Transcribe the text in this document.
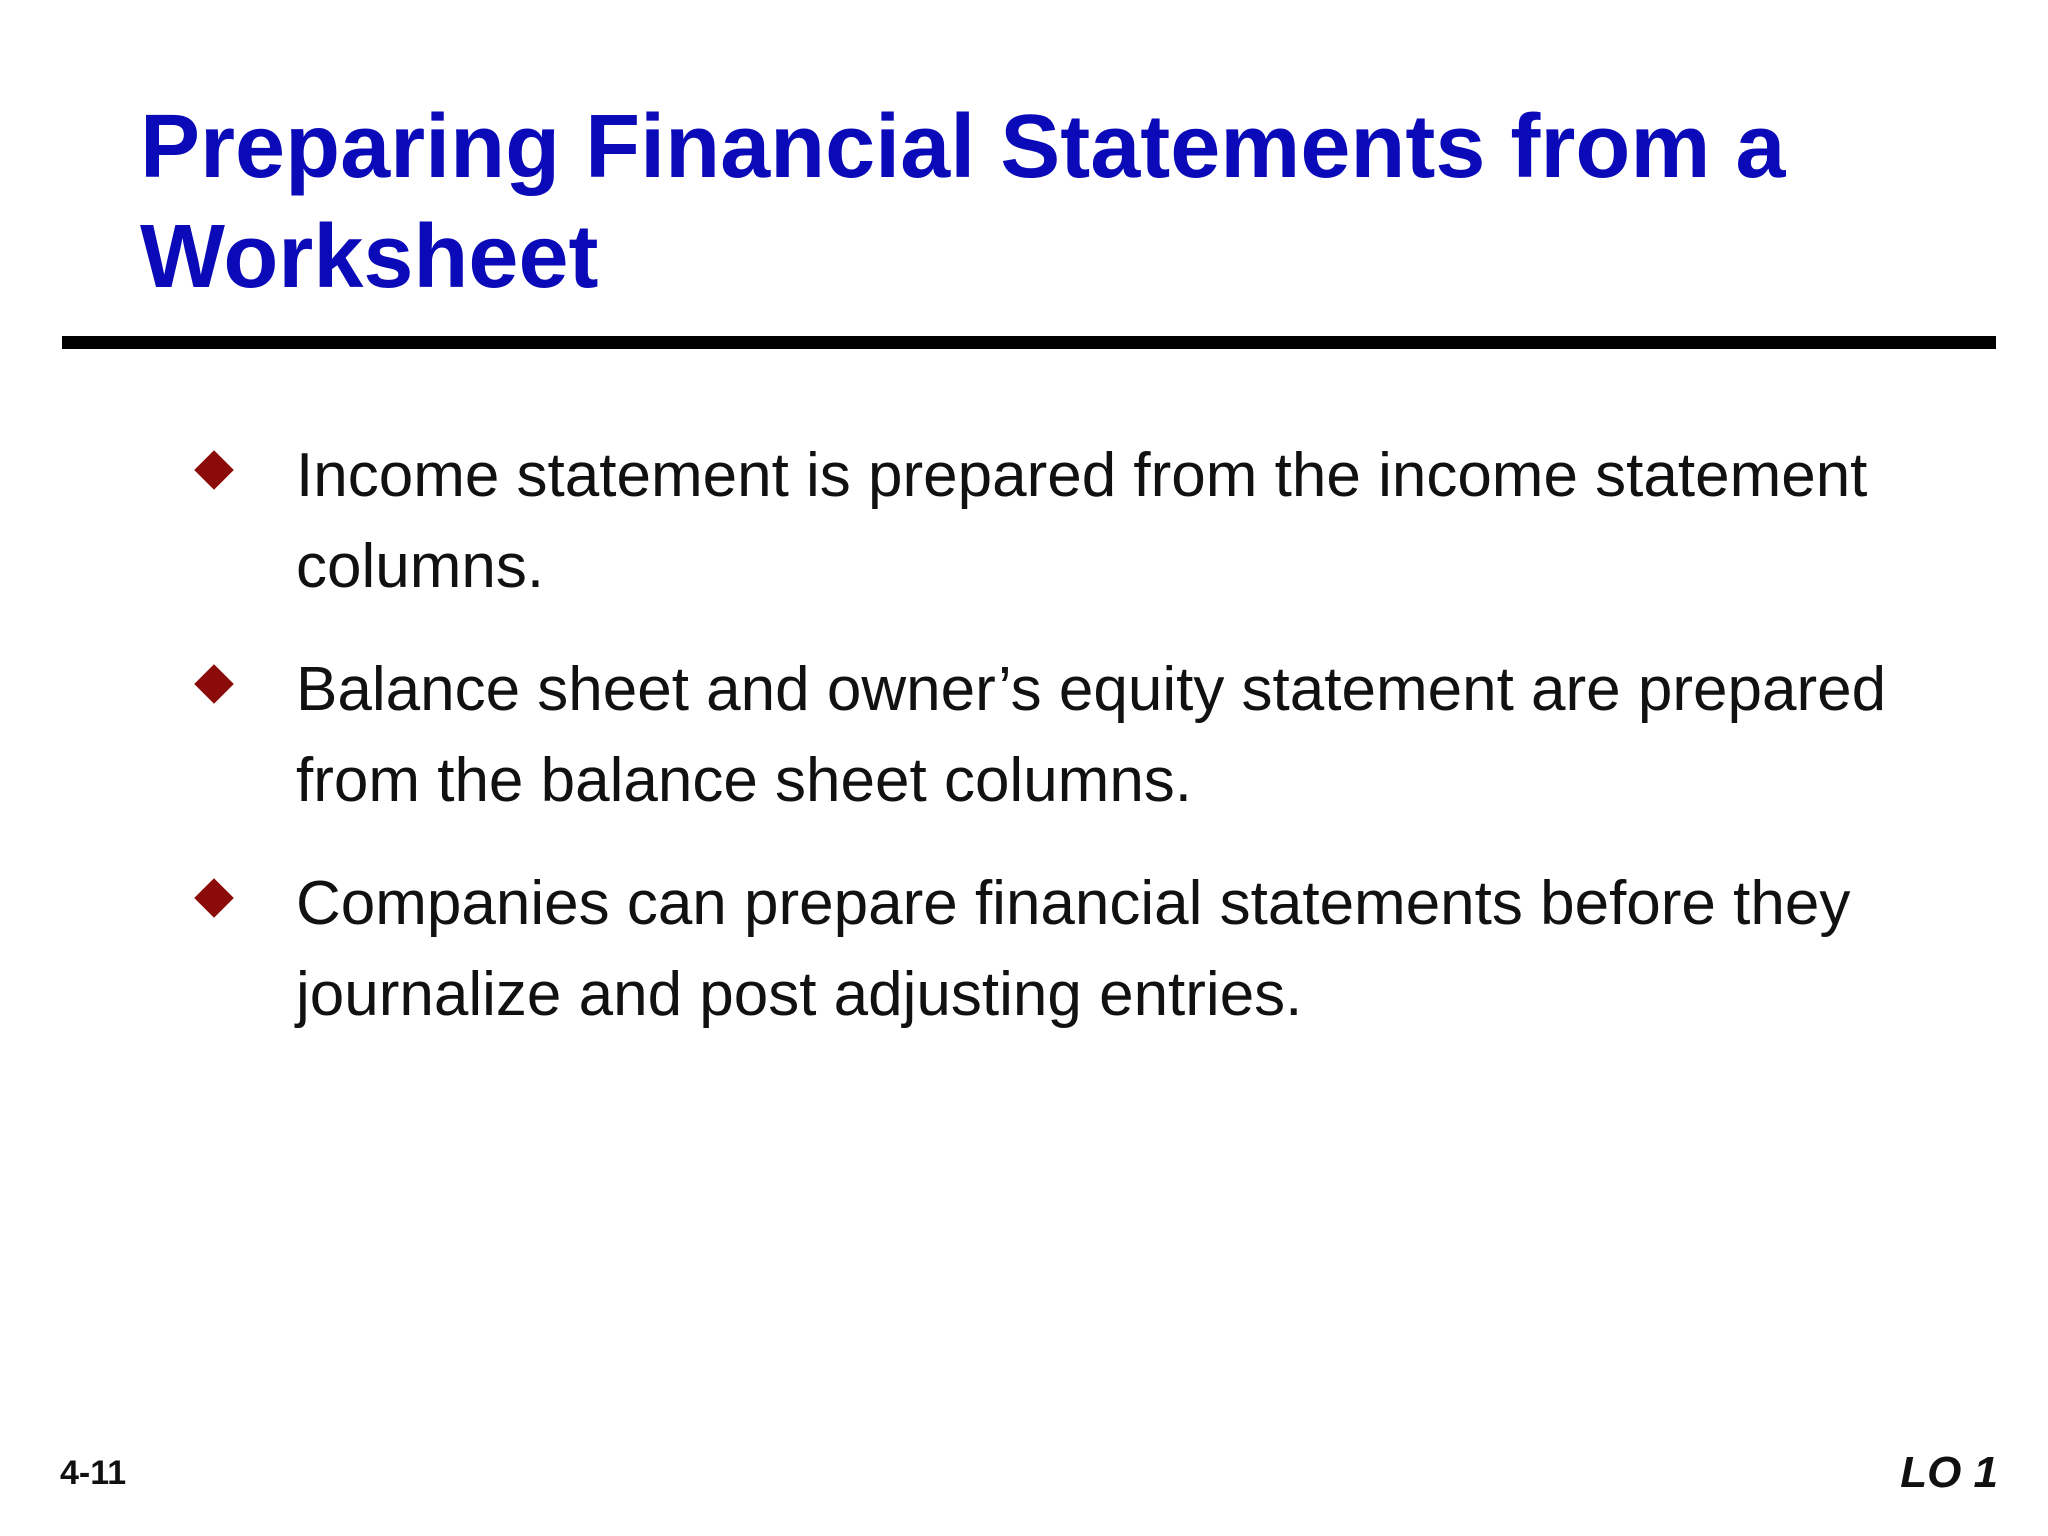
Preparing Financial Statements from a Worksheet
Income statement is prepared from the income statement columns.
Balance sheet and owner’s equity statement are prepared from the balance sheet columns.
Companies can prepare financial statements before they journalize and post adjusting entries.
4-11	LO 1
